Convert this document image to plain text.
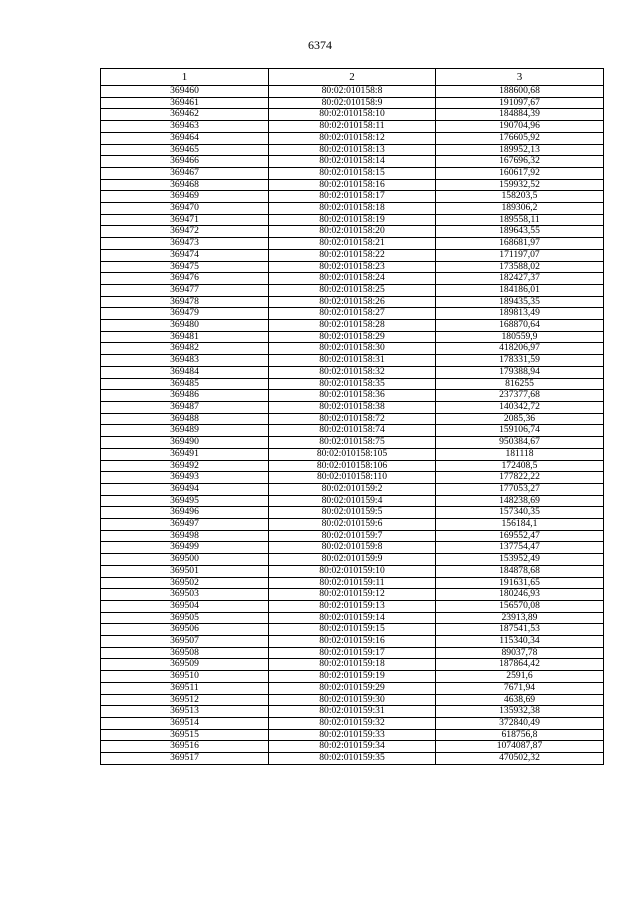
6374
1	2	3
369460	80:02:010158:8	188600,68
369461	80:02:010158:9	191097,67
369462	80:02:010158:10	184884,39
369463	80:02:010158:11	190704,96
369464	80:02:010158:12	176605,92
369465	80:02:010158:13	189952,13
369466	80:02:010158:14	167696,32
369467	80:02:010158:15	160617,92
369468	80:02:010158:16	159932,52
369469	80:02:010158:17	158203,5
369470	80:02:010158:18	189306,2
369471	80:02:010158:19	189558,11
369472	80:02:010158:20	189643,55
369473	80:02:010158:21	168681,97
369474	80:02:010158:22	171197,07
369475	80:02:010158:23	173588,02
369476	80:02:010158:24	182427,37
369477	80:02:010158:25	184186,01
369478	80:02:010158:26	189435,35
369479	80:02:010158:27	189813,49
369480	80:02:010158:28	168870,64
369481	80:02:010158:29	180559,9
369482	80:02:010158:30	418206,97
369483	80:02:010158:31	178331,59
369484	80:02:010158:32	179388,94
369485	80:02:010158:35	816255
369486	80:02:010158:36	237377,68
369487	80:02:010158:38	140342,72
369488	80:02:010158:72	2085,36
369489	80:02:010158:74	159106,74
369490	80:02:010158:75	950384,67
369491	80:02:010158:105	181118
369492	80:02:010158:106	172408,5
369493	80:02:010158:110	177822,22
369494	80:02:010159:2	177053,27
369495	80:02:010159:4	148238,69
369496	80:02:010159:5	157340,35
369497	80:02:010159:6	156184,1
369498	80:02:010159:7	169552,47
369499	80:02:010159:8	137754,47
369500	80:02:010159:9	153952,49
369501	80:02:010159:10	184878,68
369502	80:02:010159:11	191631,65
369503	80:02:010159:12	180246,93
369504	80:02:010159:13	156570,08
369505	80:02:010159:14	23913,89
369506	80:02:010159:15	187541,53
369507	80:02:010159:16	115340,34
369508	80:02:010159:17	89037,78
369509	80:02:010159:18	187864,42
369510	80:02:010159:19	2591,6
369511	80:02:010159:29	7671,94
369512	80:02:010159:30	4638,69
369513	80:02:010159:31	135932,38
369514	80:02:010159:32	372840,49
369515	80:02:010159:33	618756,8
369516	80:02:010159:34	1074087,87
369517	80:02:010159:35	470502,32
